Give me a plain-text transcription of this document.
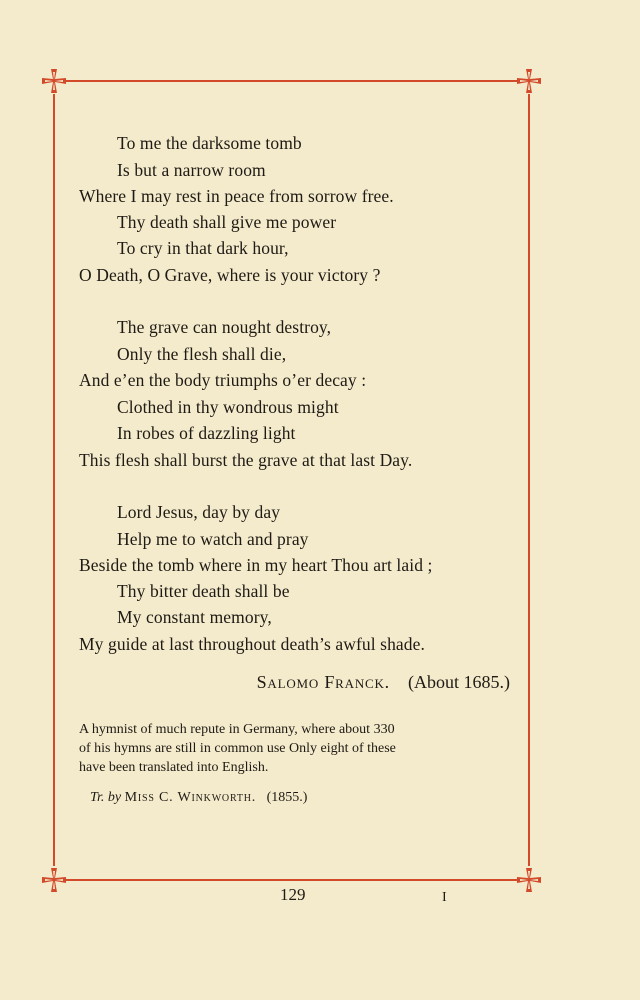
To me the darksome tomb
Is but a narrow room
Where I may rest in peace from sorrow free.
Thy death shall give me power
To cry in that dark hour,
O Death, O Grave, where is your victory ?
The grave can nought destroy,
Only the flesh shall die,
And e’en the body triumphs o’er decay :
Clothed in thy wondrous might
In robes of dazzling light
This flesh shall burst the grave at that last Day.
Lord Jesus, day by day
Help me to watch and pray
Beside the tomb where in my heart Thou art laid ;
Thy bitter death shall be
My constant memory,
My guide at last throughout death’s awful shade.
Salomo Franck. (About 1685.)
A hymnist of much repute in Germany, where about 330
of his hymns are still in common use Only eight of these
have been translated into English.
Tr. by Miss C. Winkworth. (1855.)
129	I
